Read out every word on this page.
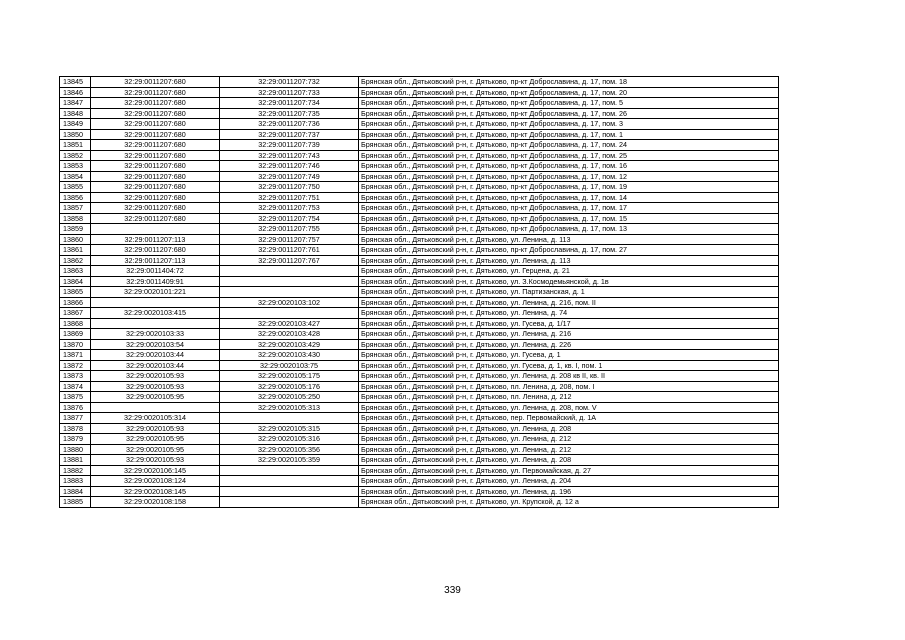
13845	32:29:0011207:680	32:29:0011207:732	Брянская обл., Дятьковский р-н, г. Дятьково, пр-кт Доброславина, д. 17, пом. 18
13846	32:29:0011207:680	32:29:0011207:733	Брянская обл., Дятьковский р-н, г. Дятьково, пр-кт Доброславина, д. 17, пом. 20
13847	32:29:0011207:680	32:29:0011207:734	Брянская обл., Дятьковский р-н, г. Дятьково, пр-кт Доброславина, д. 17, пом. 5
13848	32:29:0011207:680	32:29:0011207:735	Брянская обл., Дятьковский р-н, г. Дятьково, пр-кт Доброславина, д. 17, пом. 26
13849	32:29:0011207:680	32:29:0011207:736	Брянская обл., Дятьковский р-н, г. Дятьково, пр-кт Доброславина, д. 17, пом. 3
13850	32:29:0011207:680	32:29:0011207:737	Брянская обл., Дятьковский р-н, г. Дятьково, пр-кт Доброславина, д. 17, пом. 1
13851	32:29:0011207:680	32:29:0011207:739	Брянская обл., Дятьковский р-н, г. Дятьково, пр-кт Доброславина, д. 17, пом. 24
13852	32:29:0011207:680	32:29:0011207:743	Брянская обл., Дятьковский р-н, г. Дятьково, пр-кт Доброславина, д. 17, пом. 25
13853	32:29:0011207:680	32:29:0011207:746	Брянская обл., Дятьковский р-н, г. Дятьково, пр-кт Доброславина, д. 17, пом. 16
13854	32:29:0011207:680	32:29:0011207:749	Брянская обл., Дятьковский р-н, г. Дятьково, пр-кт Доброславина, д. 17, пом. 12
13855	32:29:0011207:680	32:29:0011207:750	Брянская обл., Дятьковский р-н, г. Дятьково, пр-кт Доброславина, д. 17, пом. 19
13856	32:29:0011207:680	32:29:0011207:751	Брянская обл., Дятьковский р-н, г. Дятьково, пр-кт Доброславина, д. 17, пом. 14
13857	32:29:0011207:680	32:29:0011207:753	Брянская обл., Дятьковский р-н, г. Дятьково, пр-кт Доброславина, д. 17, пом. 17
13858	32:29:0011207:680	32:29:0011207:754	Брянская обл., Дятьковский р-н, г. Дятьково, пр-кт Доброславина, д. 17, пом. 15
13859		32:29:0011207:755	Брянская обл., Дятьковский р-н, г. Дятьково, пр-кт Доброславина, д. 17, пом. 13
13860	32:29:0011207:113	32:29:0011207:757	Брянская обл., Дятьковский р-н, г. Дятьково, ул. Ленина, д. 113
13861	32:29:0011207:680	32:29:0011207:761	Брянская обл., Дятьковский р-н, г. Дятьково, пр-кт Доброславина, д. 17, пом. 27
13862	32:29:0011207:113	32:29:0011207:767	Брянская обл., Дятьковский р-н, г. Дятьково, ул. Ленина, д. 113
13863	32:29:0011404:72		Брянская обл., Дятьковский р-н, г. Дятьково, ул. Герцена, д. 21
13864	32:29:0011409:91		Брянская обл., Дятьковский р-н, г. Дятьково, ул. З.Космодемьянской, д. 1в
13865	32:29:0020101:221		Брянская обл., Дятьковский р-н, г. Дятьково, ул. Партизанская, д. 1
13866		32:29:0020103:102	Брянская обл., Дятьковский р-н, г. Дятьково, ул. Ленина, д. 216, пом. II
13867	32:29:0020103:415		Брянская обл., Дятьковский р-н, г. Дятьково, ул. Ленина, д. 74
13868		32:29:0020103:427	Брянская обл., Дятьковский р-н, г. Дятьково, ул. Гусева, д. 1/17
13869	32:29:0020103:33	32:29:0020103:428	Брянская обл., Дятьковский р-н, г. Дятьково, ул. Ленина, д. 216
13870	32:29:0020103:54	32:29:0020103:429	Брянская обл., Дятьковский р-н, г. Дятьково, ул. Ленина, д. 226
13871	32:29:0020103:44	32:29:0020103:430	Брянская обл., Дятьковский р-н, г. Дятьково, ул. Гусева, д. 1
13872	32:29:0020103:44	32:29:0020103:75	Брянская обл., Дятьковский р-н, г. Дятьково, ул. Гусева, д. 1, кв. I, пом. 1
13873	32:29:0020105:93	32:29:0020105:175	Брянская обл., Дятьковский р-н, г. Дятьково, ул. Ленина, д. 208 кв II, кв. II
13874	32:29:0020105:93	32:29:0020105:176	Брянская обл., Дятьковский р-н, г. Дятьково, пл. Ленина, д. 208, пом. I
13875	32:29:0020105:95	32:29:0020105:250	Брянская обл., Дятьковский р-н, г. Дятьково, пл. Ленина, д. 212
13876		32:29:0020105:313	Брянская обл., Дятьковский р-н, г. Дятьково, ул. Ленина, д. 208, пом. V
13877	32:29:0020105:314		Брянская обл., Дятьковский р-н, г. Дятьково, пер. Первомайский, д. 1А
13878	32:29:0020105:93	32:29:0020105:315	Брянская обл., Дятьковский р-н, г. Дятьково, ул. Ленина, д. 208
13879	32:29:0020105:95	32:29:0020105:316	Брянская обл., Дятьковский р-н, г. Дятьково, ул. Ленина, д. 212
13880	32:29:0020105:95	32:29:0020105:356	Брянская обл., Дятьковский р-н, г. Дятьково, ул. Ленина, д. 212
13881	32:29:0020105:93	32:29:0020105:359	Брянская обл., Дятьковский р-н, г. Дятьково, ул. Ленина, д. 208
13882	32:29:0020106:145		Брянская обл., Дятьковский р-н, г. Дятьково, ул. Первомайская, д. 27
13883	32:29:0020108:124		Брянская обл., Дятьковский р-н, г. Дятьково, ул. Ленина, д. 204
13884	32:29:0020108:145		Брянская обл., Дятьковский р-н, г. Дятьково, ул. Ленина, д. 196
13885	32:29:0020108:158		Брянская обл., Дятьковский р-н, г. Дятьково, ул. Крупской, д. 12 а
339
